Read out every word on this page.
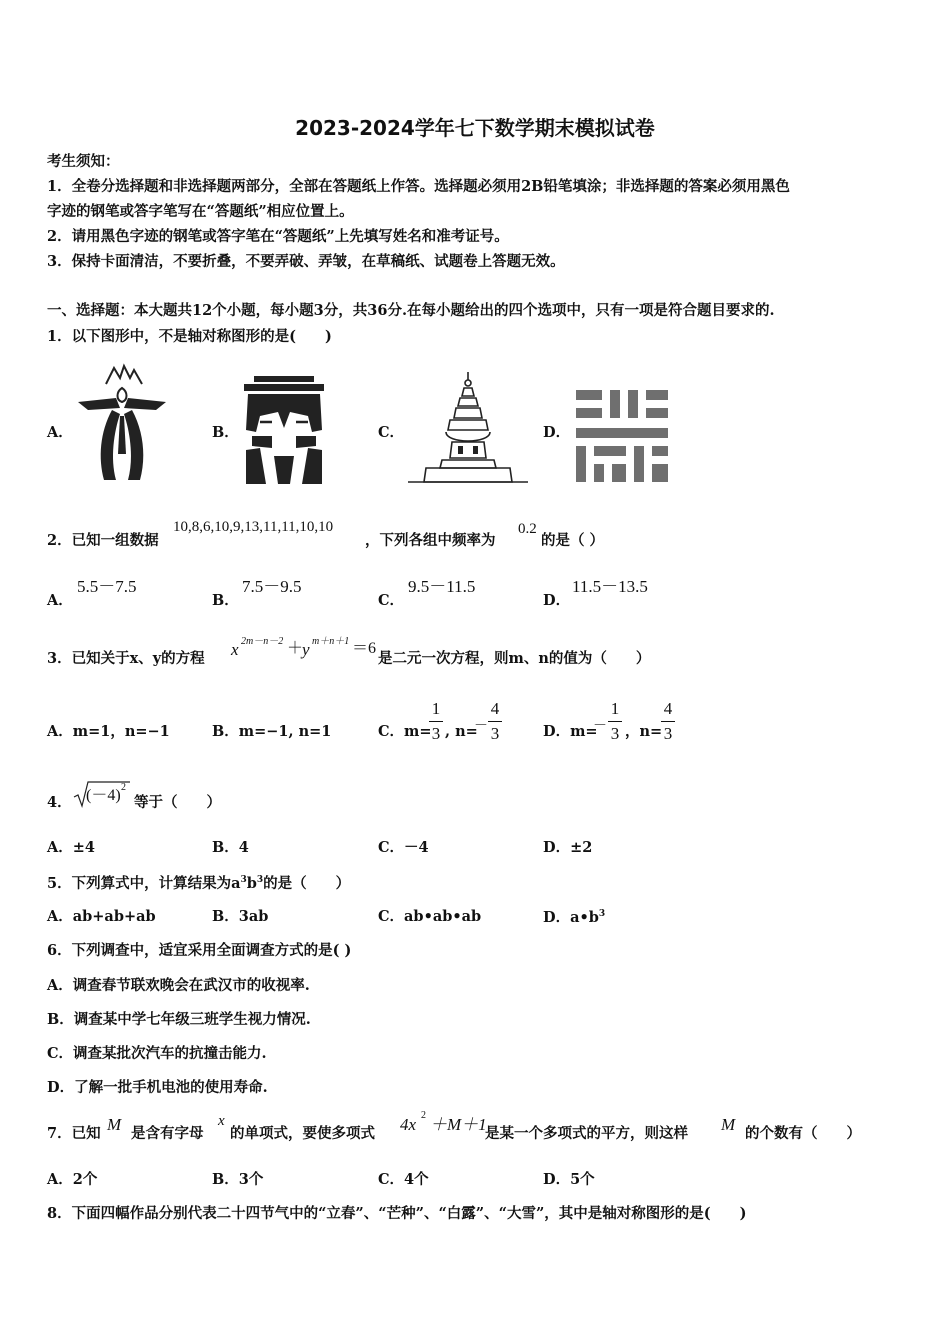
2023-2024学年七下数学期末模拟试卷
考生须知：
1．全卷分选择题和非选择题两部分，全部在答题纸上作答。选择题必须用2B铅笔填涂；非选择题的答案必须用黑色
字迹的钢笔或答字笔写在“答题纸”相应位置上。
2．请用黑色字迹的钢笔或答字笔在“答题纸”上先填写姓名和准考证号。
3．保持卡面清洁，不要折叠，不要弄破、弄皱，在草稿纸、试题卷上答题无效。
一、选择题：本大题共12个小题，每小题3分，共36分.在每小题给出的四个选项中，只有一项是符合题目要求的.
1．以下图形中，不是轴对称图形的是(　　)
A．	B．	C．	D．
2．已知一组数据
10,8,6,10,9,13,11,11,10,10
，下列各组中频率为
0.2
的是（ ）
A．
5.5－7.5
B．
7.5－9.5
C．
9.5－11.5
D．
11.5－13.5
3．已知关于x、y的方程 x 2m－n－2 ＋
y m＋n＋1 ＝6
是二元一次方程，则m、n的值为（　　）
A．m=1，n=−1	B．m=−1, n=1	C．m=
1
3 , n=
－
4
3	D．m=
－
1
3 ，n=
4
3
4． (－4) 2
等于（　　）
A．±4	B．4	C．－4	D．±2
5．下列算式中，计算结果为$a^3b^3$的是（　　）
A．ab+ab+ab	B．3ab	C．ab•ab•ab	D．$a•b^3$
6．下列调查中，适宜采用全面调查方式的是( )
A．调查春节联欢晚会在武汉市的收视率.
B．调查某中学七年级三班学生视力情况.
C．调查某批次汽车的抗撞击能力.
D．了解一批手机电池的使用寿命.
7．已知 M 是含有字母
x
的单项式，要使多项式 4x 2 ＋M＋1
是某一个多项式的平方，则这样 M 的个数有（　　）
A．2个	B．3个	C．4个	D．5个
8．下面四幅作品分别代表二十四节气中的“立春”、“芒种”、“白露”、“大雪”，其中是轴对称图形的是(　　)
